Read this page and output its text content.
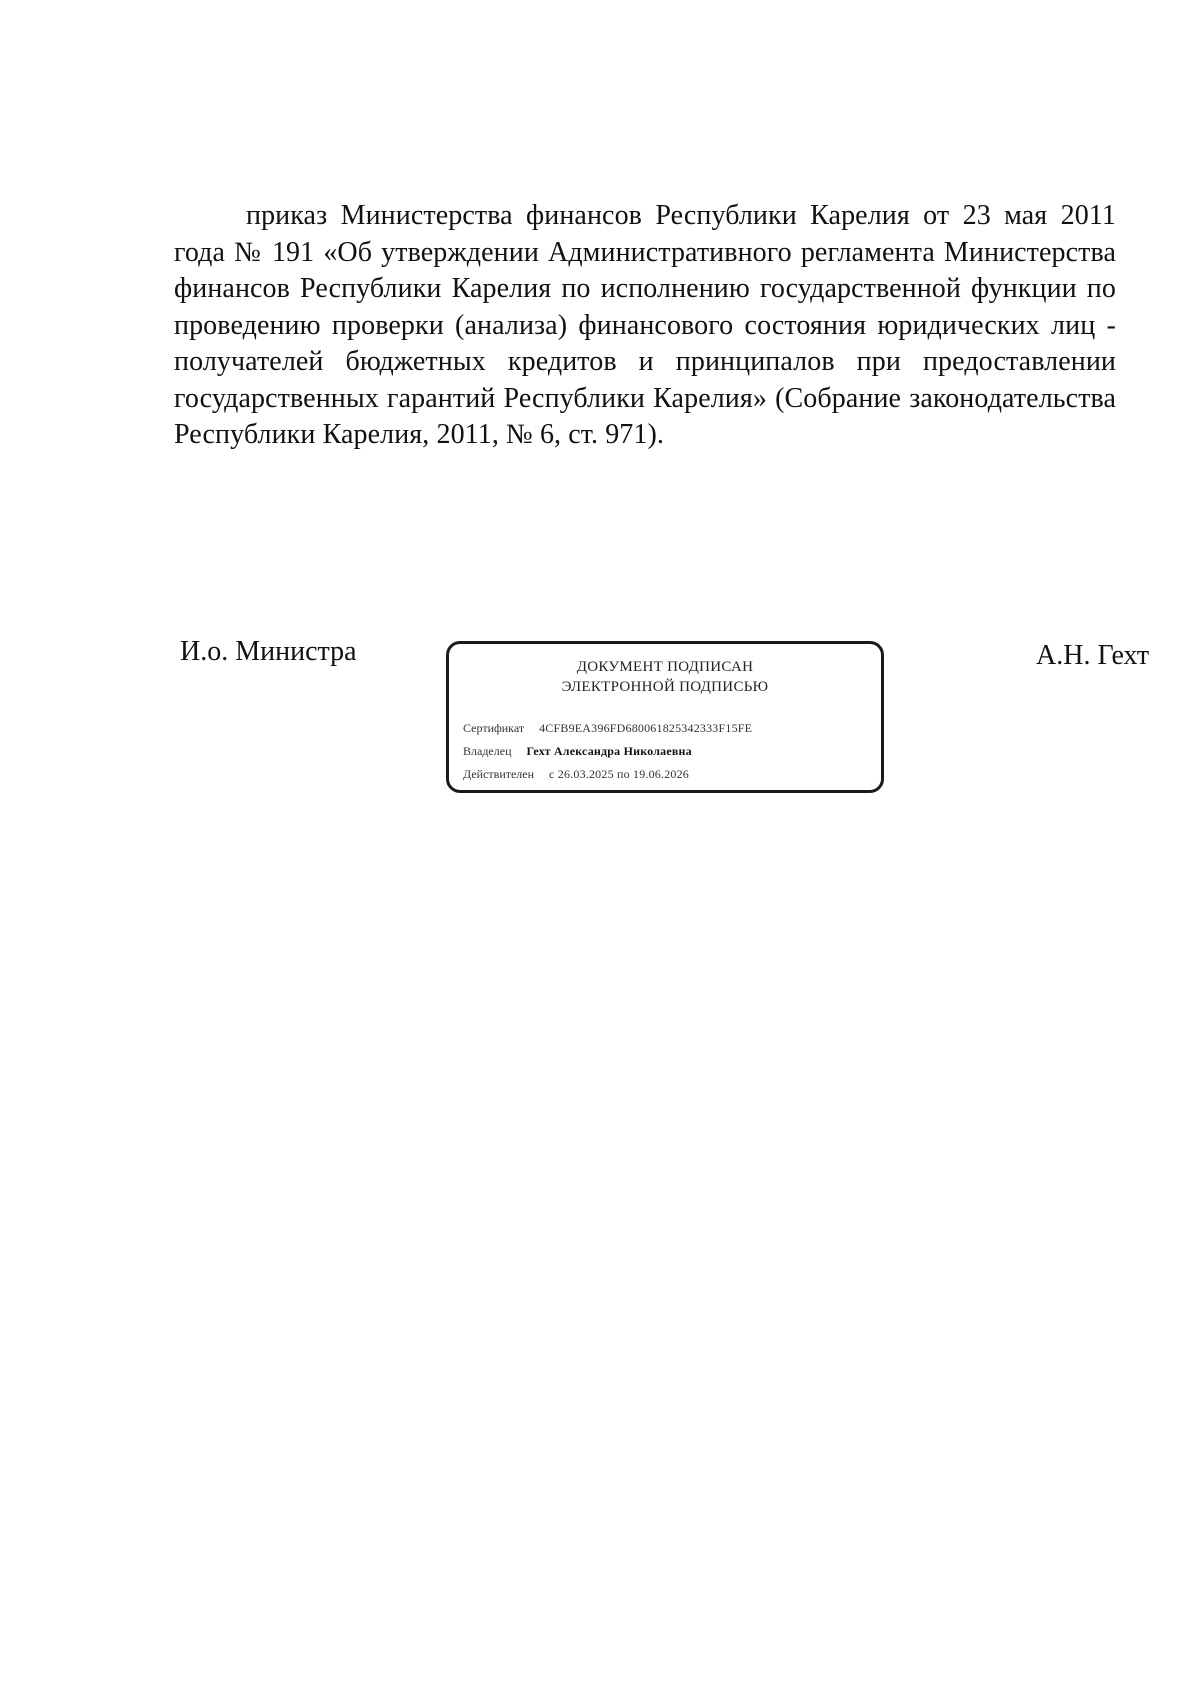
приказ Министерства финансов Республики Карелия от 23 мая 2011 года № 191 «Об утверждении Административного регламента Министерства финансов Республики Карелия по исполнению государственной функции по проведению проверки (анализа) финансового состояния юридических лиц - получателей бюджетных кредитов и принципалов при предоставлении государственных гарантий Республики Карелия» (Собрание законодательства Республики Карелия, 2011, № 6, ст. 971).

И.о. Министра	ДОКУМЕНТ ПОДПИСАН
ЭЛЕКТРОННОЙ ПОДПИСЬЮ
Сертификат 4CFB9EA396FD680061825342333F15FE
Владелец Гехт Александра Николаевна
Действителен с 26.03.2025 по 19.06.2026

А.Н. Гехт
